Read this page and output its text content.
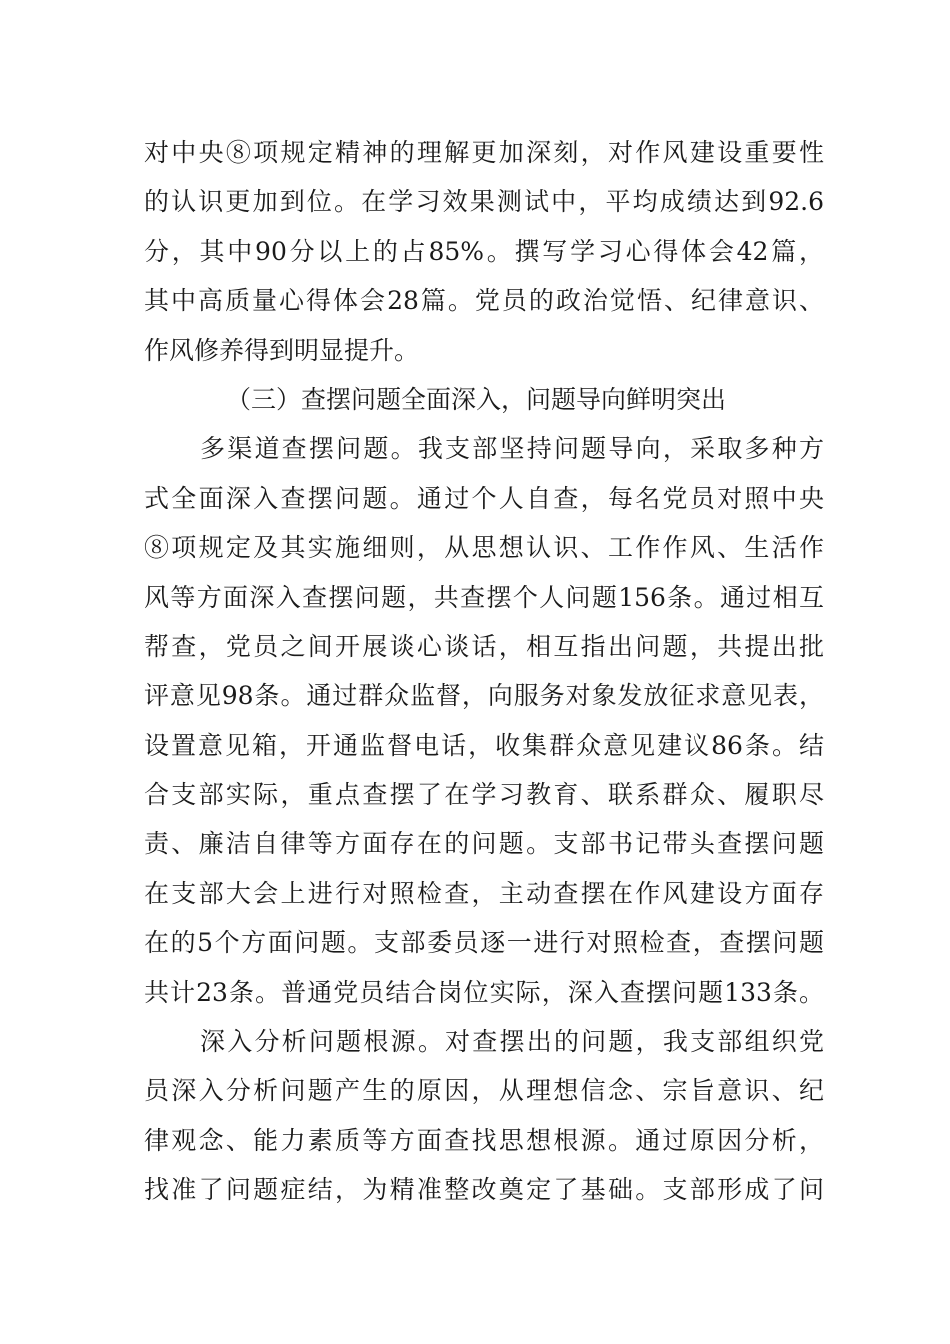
对中央⑧项规定精神的理解更加深刻，对作风建设重要性
的认识更加到位。在学习效果测试中，平均成绩达到92.6
分，其中90分以上的占85%。撰写学习心得体会42篇，
其中高质量心得体会28篇。党员的政治觉悟、纪律意识、
作风修养得到明显提升。
（三）查摆问题全面深入，问题导向鲜明突出
多渠道查摆问题。我支部坚持问题导向，采取多种方
式全面深入查摆问题。通过个人自查，每名党员对照中央
⑧项规定及其实施细则，从思想认识、工作作风、生活作
风等方面深入查摆问题，共查摆个人问题156条。通过相互
帮查，党员之间开展谈心谈话，相互指出问题，共提出批
评意见98条。通过群众监督，向服务对象发放征求意见表，
设置意见箱，开通监督电话，收集群众意见建议86条。结
合支部实际，重点查摆了在学习教育、联系群众、履职尽
责、廉洁自律等方面存在的问题。支部书记带头查摆问题
在支部大会上进行对照检查，主动查摆在作风建设方面存
在的5个方面问题。支部委员逐一进行对照检查，查摆问题
共计23条。普通党员结合岗位实际，深入查摆问题133条。
深入分析问题根源。对查摆出的问题，我支部组织党
员深入分析问题产生的原因，从理想信念、宗旨意识、纪
律观念、能力素质等方面查找思想根源。通过原因分析，
找准了问题症结，为精准整改奠定了基础。支部形成了问
